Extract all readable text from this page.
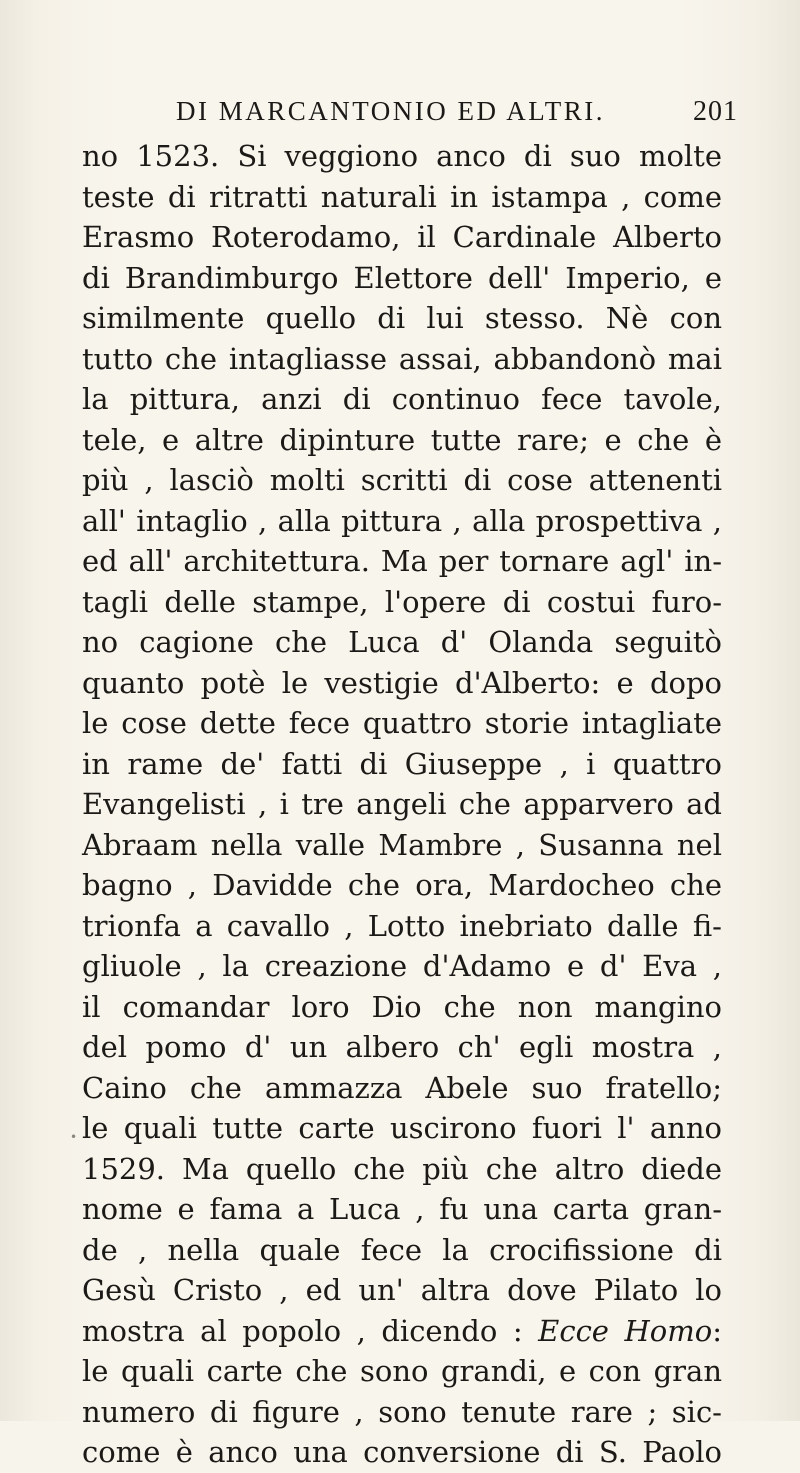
DI MARCANTONIO ED ALTRI.	201
no 1523. Si veggiono anco di suo molte
teste di ritratti naturali in istampa , come
Erasmo Roterodamo, il Cardinale Alberto
di Brandimburgo Elettore dell' Imperio, e
similmente quello di lui stesso. Nè con
tutto che intagliasse assai, abbandonò mai
la pittura, anzi di continuo fece tavole,
tele, e altre dipinture tutte rare; e che è
più , lasciò molti scritti di cose attenenti
all' intaglio , alla pittura , alla prospettiva ,
ed all' architettura. Ma per tornare agl' in-
tagli delle stampe, l'opere di costui furo-
no cagione che Luca d' Olanda seguitò
quanto potè le vestigie d'Alberto: e dopo
le cose dette fece quattro storie intagliate
in rame de' fatti di Giuseppe , i quattro
Evangelisti , i tre angeli che apparvero ad
Abraam nella valle Mambre , Susanna nel
bagno , Davidde che ora, Mardocheo che
trionfa a cavallo , Lotto inebriato dalle fi-
gliuole , la creazione d'Adamo e d' Eva ,
il comandar loro Dio che non mangino
del pomo d' un albero ch' egli mostra ,
Caino che ammazza Abele suo fratello;
le quali tutte carte uscirono fuori l' anno
1529. Ma quello che più che altro diede
nome e fama a Luca , fu una carta gran-
de , nella quale fece la crocifissione di
Gesù Cristo , ed un' altra dove Pilato lo
mostra al popolo , dicendo : Ecce Homo:
le quali carte che sono grandi, e con gran
numero di figure , sono tenute rare ; sic-
come è anco una conversione di S. Paolo
•
